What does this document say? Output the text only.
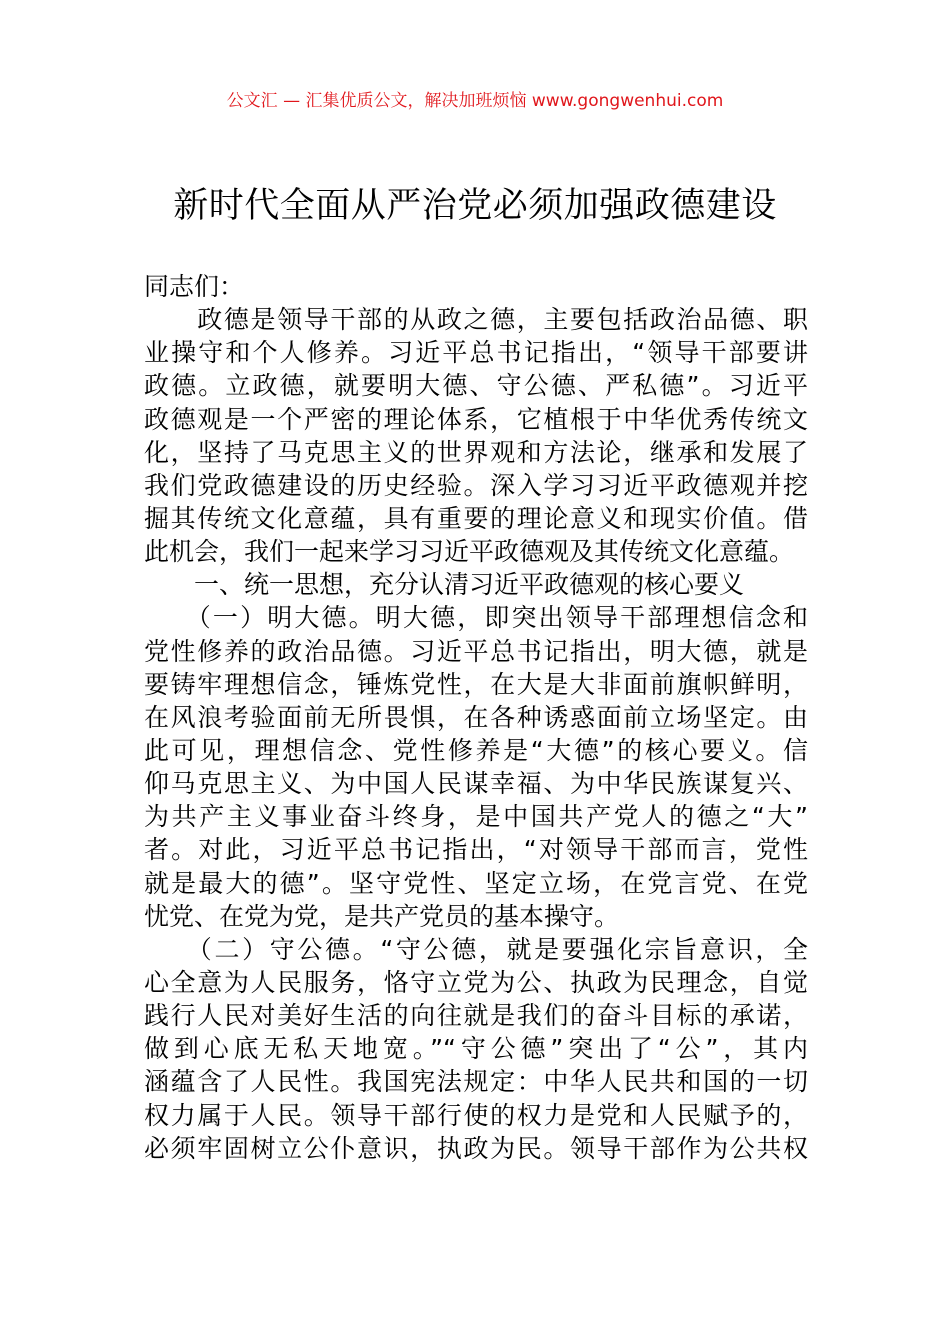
公文汇 — 汇集优质公文，解决加班烦恼 www.gongwenhui.com
新时代全面从严治党必须加强政德建设
同志们：
　　政德是领导干部的从政之德，主要包括政治品德、职
业操守和个人修养。习近平总书记指出，“领导干部要讲
政德。立政德，就要明大德、守公德、严私德”。习近平
政德观是一个严密的理论体系，它植根于中华优秀传统文
化，坚持了马克思主义的世界观和方法论，继承和发展了
我们党政德建设的历史经验。深入学习习近平政德观并挖
掘其传统文化意蕴，具有重要的理论意义和现实价值。借
此机会，我们一起来学习习近平政德观及其传统文化意蕴。
　　一、统一思想，充分认清习近平政德观的核心要义
　　（一）明大德。明大德，即突出领导干部理想信念和
党性修养的政治品德。习近平总书记指出，明大德，就是
要铸牢理想信念，锤炼党性，在大是大非面前旗帜鲜明，
在风浪考验面前无所畏惧，在各种诱惑面前立场坚定。由
此可见，理想信念、党性修养是“大德”的核心要义。信
仰马克思主义、为中国人民谋幸福、为中华民族谋复兴、
为共产主义事业奋斗终身，是中国共产党人的德之“大”
者。对此，习近平总书记指出，“对领导干部而言，党性
就是最大的德”。坚守党性、坚定立场，在党言党、在党
忧党、在党为党，是共产党员的基本操守。
　　（二）守公德。“守公德，就是要强化宗旨意识，全
心全意为人民服务，恪守立党为公、执政为民理念，自觉
践行人民对美好生活的向往就是我们的奋斗目标的承诺，
做到心底无私天地宽。”“守公德”突出了“公”，其内
涵蕴含了人民性。我国宪法规定：中华人民共和国的一切
权力属于人民。领导干部行使的权力是党和人民赋予的，
必须牢固树立公仆意识，执政为民。领导干部作为公共权
